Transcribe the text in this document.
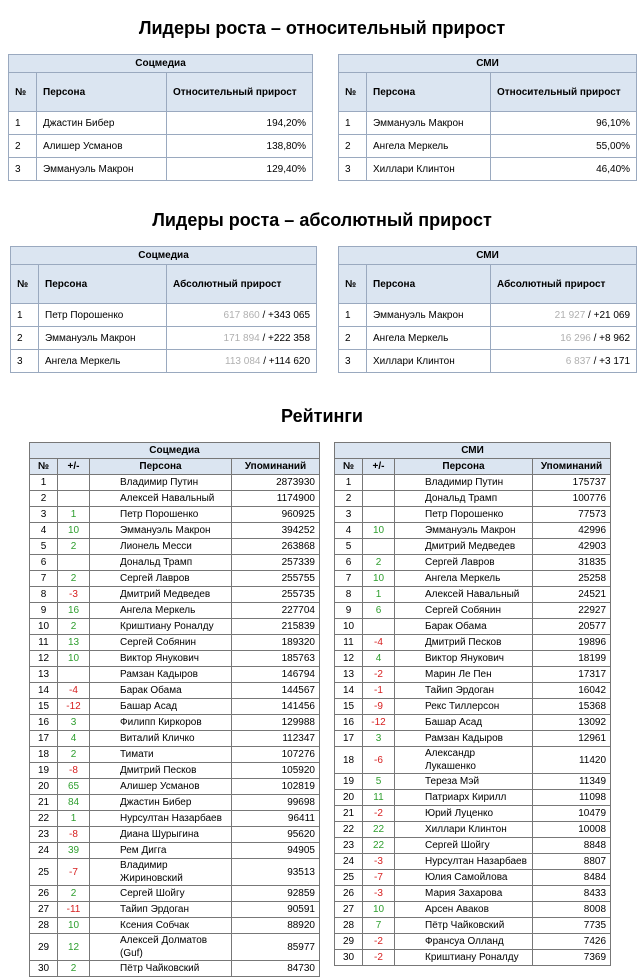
Лидеры роста – относительный прирост
Соцмедиа		
№	Персона	Относительный прирост
1	Джастин Бибер	194,20%
2	Алишер Усманов	138,80%
3	Эммануэль Макрон	129,40%
СМИ		
№	Персона	Относительный прирост
1	Эммануэль Макрон	96,10%
2	Ангела Меркель	55,00%
3	Хиллари Клинтон	46,40%
Лидеры роста – абсолютный прирост
Соцмедиа		
№	Персона	Абсолютный прирост
1	Петр Порошенко	617 860 / +343 065
2	Эммануэль Макрон	171 894 / +222 358
3	Ангела Меркель	113 084 / +114 620
СМИ		
№	Персона	Абсолютный прирост
1	Эммануэль Макрон	21 927 / +21 069
2	Ангела Меркель	16 296 / +8 962
3	Хиллари Клинтон	6 837 / +3 171
Рейтинги
Соцмедиа			
№	+/-	Персона	Упоминаний
1		Владимир Путин	2873930
2		Алексей Навальный	1174900
3	1	Петр Порошенко	960925
4	10	Эммануэль Макрон	394252
5	2	Лионель Месси	263868
6		Дональд Трамп	257339
7	2	Сергей Лавров	255755
8	-3	Дмитрий Медведев	255735
9	16	Ангела Меркель	227704
10	2	Криштиану Роналду	215839
11	13	Сергей Собянин	189320
12	10	Виктор Янукович	185763
13		Рамзан Кадыров	146794
14	-4	Барак Обама	144567
15	-12	Башар Асад	141456
16	3	Филипп Киркоров	129988
17	4	Виталий Кличко	112347
18	2	Тимати	107276
19	-8	Дмитрий Песков	105920
20	65	Алишер Усманов	102819
21	84	Джастин Бибер	99698
22	1	Нурсултан Назарбаев	96411
23	-8	Диана Шурыгина	95620
24	39	Рем Дигга	94905
25	-7	Владимир Жириновский	93513
26	2	Сергей Шойгу	92859
27	-11	Тайип Эрдоган	90591
28	10	Ксения Собчак	88920
29	12	Алексей Долматов (Guf)	85977
30	2	Пётр Чайковский	84730
СМИ			
№	+/-	Персона	Упоминаний
1		Владимир Путин	175737
2		Дональд Трамп	100776
3		Петр Порошенко	77573
4	10	Эммануэль Макрон	42996
5		Дмитрий Медведев	42903
6	2	Сергей Лавров	31835
7	10	Ангела Меркель	25258
8	1	Алексей Навальный	24521
9	6	Сергей Собянин	22927
10		Барак Обама	20577
11	-4	Дмитрий Песков	19896
12	4	Виктор Янукович	18199
13	-2	Марин Ле Пен	17317
14	-1	Тайип Эрдоган	16042
15	-9	Рекс Тиллерсон	15368
16	-12	Башар Асад	13092
17	3	Рамзан Кадыров	12961
18	-6	Александр Лукашенко	11420
19	5	Тереза Мэй	11349
20	11	Патриарх Кирилл	11098
21	-2	Юрий Луценко	10479
22	22	Хиллари Клинтон	10008
23	22	Сергей Шойгу	8848
24	-3	Нурсултан Назарбаев	8807
25	-7	Юлия Самойлова	8484
26	-3	Мария Захарова	8433
27	10	Арсен Аваков	8008
28	7	Пётр Чайковский	7735
29	-2	Франсуа Олланд	7426
30	-2	Криштиану Роналду	7369
